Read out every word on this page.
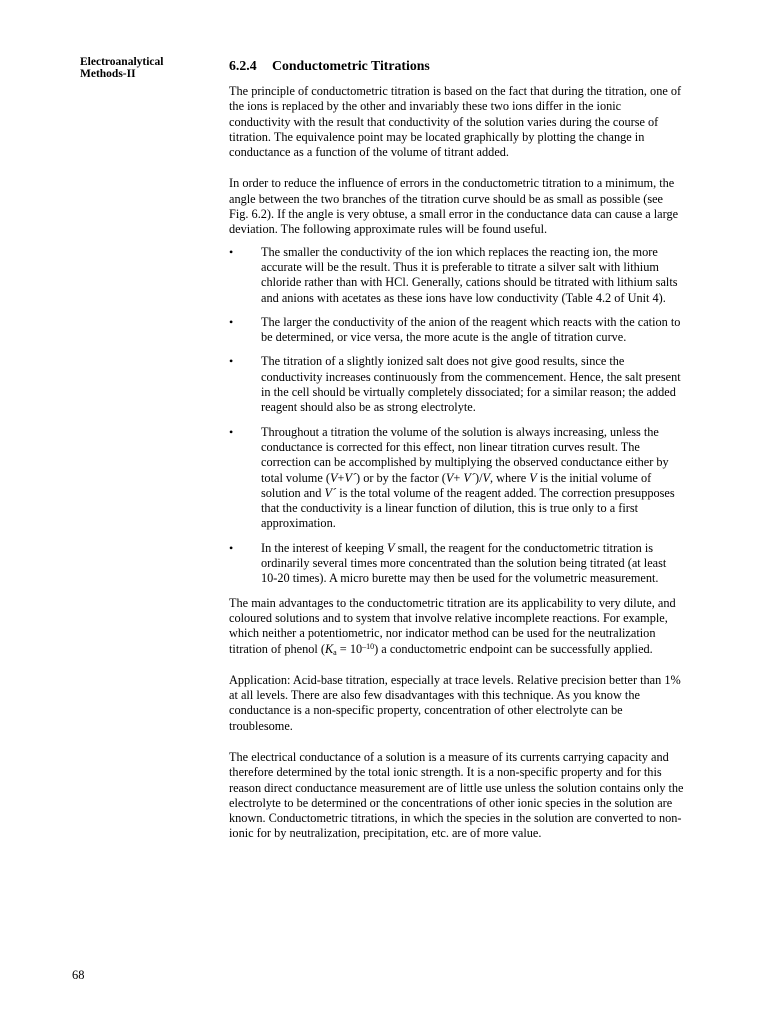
Electroanalytical
Methods-II
6.2.4 Conductometric Titrations

The principle of conductometric titration is based on the fact that during the titration, one of the ions is replaced by the other and invariably these two ions differ in the ionic conductivity with the result that conductivity of the solution varies during the course of titration. The equivalence point may be located graphically by plotting the change in conductance as a function of the volume of titrant added.

In order to reduce the influence of errors in the conductometric titration to a minimum, the angle between the two branches of the titration curve should be as small as possible (see Fig. 6.2). If the angle is very obtuse, a small error in the conductance data can cause a large deviation. The following approximate rules will be found useful.

•	The smaller the conductivity of the ion which replaces the reacting ion, the more accurate will be the result. Thus it is preferable to titrate a silver salt with lithium chloride rather than with HCl. Generally, cations should be titrated with lithium salts and anions with acetates as these ions have low conductivity (Table 4.2 of Unit 4).
•	The larger the conductivity of the anion of the reagent which reacts with the cation to be determined, or vice versa, the more acute is the angle of titration curve.
•	The titration of a slightly ionized salt does not give good results, since the conductivity increases continuously from the commencement. Hence, the salt present in the cell should be virtually completely dissociated; for a similar reason; the added reagent should also be as strong electrolyte.
•	Throughout a titration the volume of the solution is always increasing, unless the conductance is corrected for this effect, non linear titration curves result. The correction can be accomplished by multiplying the observed conductance either by total volume (V+V´) or by the factor (V+ V´)/V, where V is the initial volume of solution and V´ is the total volume of the reagent added. The correction presupposes that the conductivity is a linear function of dilution, this is true only to a first approximation.
•	In the interest of keeping V small, the reagent for the conductometric titration is ordinarily several times more concentrated than the solution being titrated (at least 10-20 times). A micro burette may then be used for the volumetric measurement.

The main advantages to the conductometric titration are its applicability to very dilute, and coloured solutions and to system that involve relative incomplete reactions. For example, which neither a potentiometric, nor indicator method can be used for the neutralization titration of phenol $(K_a = 10^{-10})$ a conductometric endpoint can be successfully applied.

Application: Acid-base titration, especially at trace levels. Relative precision better than 1% at all levels. There are also few disadvantages with this technique. As you know the conductance is a non-specific property, concentration of other electrolyte can be troublesome.

The electrical conductance of a solution is a measure of its currents carrying capacity and therefore determined by the total ionic strength. It is a non-specific property and for this reason direct conductance measurement are of little use unless the solution contains only the electrolyte to be determined or the concentrations of other ionic species in the solution are known. Conductometric titrations, in which the species in the solution are converted to non-ionic for by neutralization, precipitation, etc. are of more value.

68
